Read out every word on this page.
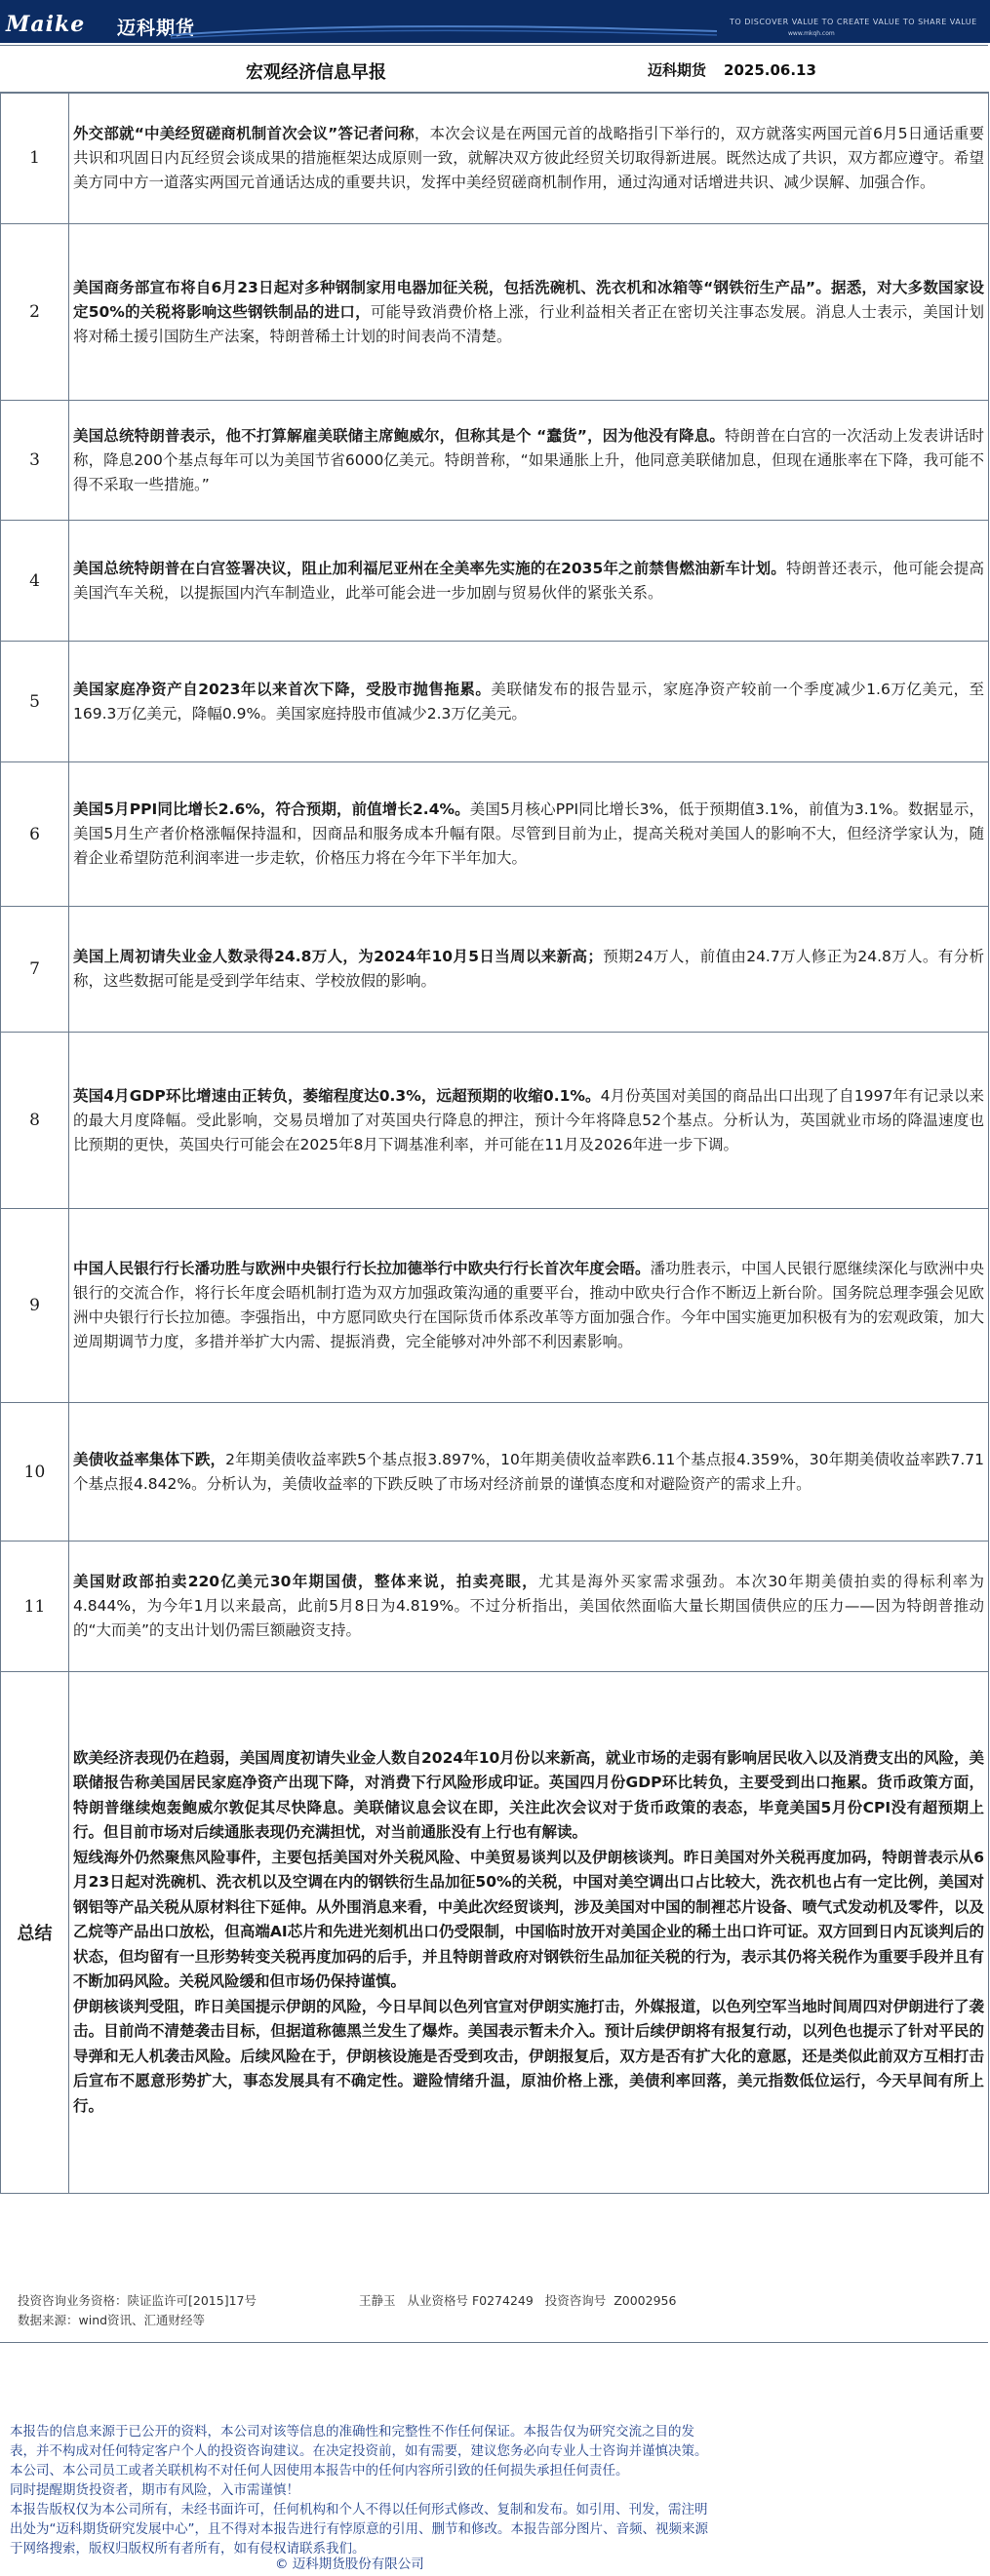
Maike 迈科期货	TO DISCOVER VALUE TO CREATE VALUE TO SHARE VALUE
www.mkqh.com
宏观经济信息早报	迈科期货 2025.06.13
1	外交部就“中美经贸磋商机制首次会议”答记者问称，本次会议是在两国元首的战略指引下举行的，双方就落实两国元首6月5日通话重要共识和巩固日内瓦经贸会谈成果的措施框架达成原则一致，就解决双方彼此经贸关切取得新进展。既然达成了共识，双方都应遵守。希望美方同中方一道落实两国元首通话达成的重要共识，发挥中美经贸磋商机制作用，通过沟通对话增进共识、减少误解、加强合作。
2	美国商务部宣布将自6月23日起对多种钢制家用电器加征关税，包括洗碗机、洗衣机和冰箱等“钢铁衍生产品”。据悉，对大多数国家设定50%的关税将影响这些钢铁制品的进口，可能导致消费价格上涨，行业利益相关者正在密切关注事态发展。消息人士表示，美国计划将对稀土援引国防生产法案，特朗普稀土计划的时间表尚不清楚。
3	美国总统特朗普表示，他不打算解雇美联储主席鲍威尔，但称其是个 “蠢货”，因为他没有降息。特朗普在白宫的一次活动上发表讲话时称，降息200个基点每年可以为美国节省6000亿美元。特朗普称，“如果通胀上升，他同意美联储加息，但现在通胀率在下降，我可能不得不采取一些措施。”
4	美国总统特朗普在白宫签署决议，阻止加利福尼亚州在全美率先实施的在2035年之前禁售燃油新车计划。特朗普还表示，他可能会提高美国汽车关税，以提振国内汽车制造业，此举可能会进一步加剧与贸易伙伴的紧张关系。
5	美国家庭净资产自2023年以来首次下降，受股市抛售拖累。美联储发布的报告显示，家庭净资产较前一个季度减少1.6万亿美元，至169.3万亿美元，降幅0.9%。美国家庭持股市值减少2.3万亿美元。
6	美国5月PPI同比增长2.6%，符合预期，前值增长2.4%。美国5月核心PPI同比增长3%，低于预期值3.1%，前值为3.1%。数据显示，美国5月生产者价格涨幅保持温和，因商品和服务成本升幅有限。尽管到目前为止，提高关税对美国人的影响不大，但经济学家认为，随着企业希望防范利润率进一步走软，价格压力将在今年下半年加大。
7	美国上周初请失业金人数录得24.8万人，为2024年10月5日当周以来新高；预期24万人，前值由24.7万人修正为24.8万人。有分析称，这些数据可能是受到学年结束、学校放假的影响。
8	英国4月GDP环比增速由正转负，萎缩程度达0.3%，远超预期的收缩0.1%。4月份英国对美国的商品出口出现了自1997年有记录以来的最大月度降幅。受此影响，交易员增加了对英国央行降息的押注，预计今年将降息52个基点。分析认为，英国就业市场的降温速度也比预期的更快，英国央行可能会在2025年8月下调基准利率，并可能在11月及2026年进一步下调。
9	中国人民银行行长潘功胜与欧洲中央银行行长拉加德举行中欧央行行长首次年度会晤。潘功胜表示，中国人民银行愿继续深化与欧洲中央银行的交流合作，将行长年度会晤机制打造为双方加强政策沟通的重要平台，推动中欧央行合作不断迈上新台阶。国务院总理李强会见欧洲中央银行行长拉加德。李强指出，中方愿同欧央行在国际货币体系改革等方面加强合作。今年中国实施更加积极有为的宏观政策，加大逆周期调节力度，多措并举扩大内需、提振消费，完全能够对冲外部不利因素影响。
10	美债收益率集体下跌，2年期美债收益率跌5个基点报3.897%，10年期美债收益率跌6.11个基点报4.359%，30年期美债收益率跌7.71个基点报4.842%。分析认为，美债收益率的下跌反映了市场对经济前景的谨慎态度和对避险资产的需求上升。
11	美国财政部拍卖220亿美元30年期国债，整体来说，拍卖亮眼，尤其是海外买家需求强劲。本次30年期美债拍卖的得标利率为4.844%，为今年1月以来最高，此前5月8日为4.819%。不过分析指出，美国依然面临大量长期国债供应的压力——因为特朗普推动的“大而美”的支出计划仍需巨额融资支持。
总结	欧美经济表现仍在趋弱，美国周度初请失业金人数自2024年10月份以来新高，就业市场的走弱有影响居民收入以及消费支出的风险，美联储报告称美国居民家庭净资产出现下降，对消费下行风险形成印证。英国四月份GDP环比转负，主要受到出口拖累。货币政策方面，特朗普继续炮轰鲍威尔敦促其尽快降息。美联储议息会议在即，关注此次会议对于货币政策的表态，毕竟美国5月份CPI没有超预期上行。但目前市场对后续通胀表现仍充满担忧，对当前通胀没有上行也有解读。
短线海外仍然聚焦风险事件，主要包括美国对外关税风险、中美贸易谈判以及伊朗核谈判。昨日美国对外关税再度加码，特朗普表示从6月23日起对洗碗机、洗衣机以及空调在内的钢铁衍生品加征50%的关税，中国对美空调出口占比较大，洗衣机也占有一定比例，美国对钢铝等产品关税从原材料往下延伸。从外围消息来看，中美此次经贸谈判，涉及美国对中国的制裡芯片设备、喷气式发动机及零件，以及乙烷等产品出口放松，但高端AI芯片和先进光刻机出口仍受限制，中国临时放开对美国企业的稀土出口许可证。双方回到日内瓦谈判后的状态，但均留有一旦形势转变关税再度加码的后手，并且特朗普政府对钢铁衍生品加征关税的行为，表示其仍将关税作为重要手段并且有不断加码风险。关税风险缓和但市场仍保持谨慎。
伊朗核谈判受阻，昨日美国提示伊朗的风险，今日早间以色列官宣对伊朗实施打击，外媒报道，以色列空军当地时间周四对伊朗进行了袭击。目前尚不清楚袭击目标，但据道称德黑兰发生了爆炸。美国表示暂未介入。预计后续伊朗将有报复行动，以列色也提示了针对平民的导弹和无人机袭击风险。后续风险在于，伊朗核设施是否受到攻击，伊朗报复后，双方是否有扩大化的意愿，还是类似此前双方互相打击后宣布不愿意形势扩大，事态发展具有不确定性。避险情绪升温，原油价格上涨，美债利率回落，美元指数低位运行，今天早间有所上行。
投资咨询业务资格：陕证监许可[2015]17号
数据来源：wind资讯、汇通财经等
王静玉 从业资格号 F0274249 投资咨询号 Z0002956
本报告的信息来源于已公开的资料，本公司对该等信息的准确性和完整性不作任何保证。本报告仅为研究交流之目的发表，并不构成对任何特定客户个人的投资咨询建议。在决定投资前，如有需要，建议您务必向专业人士咨询并谨慎决策。本公司、本公司员工或者关联机构不对任何人因使用本报告中的任何内容所引致的任何损失承担任何责任。
同时提醒期货投资者，期市有风险，入市需谨慎！
本报告版权仅为本公司所有，未经书面许可，任何机构和个人不得以任何形式修改、复制和发布。如引用、刊发，需注明出处为“迈科期货研究发展中心”，且不得对本报告进行有悖原意的引用、删节和修改。本报告部分图片、音频、视频来源于网络搜索，版权归版权所有者所有，如有侵权请联系我们。
© 迈科期货股份有限公司
